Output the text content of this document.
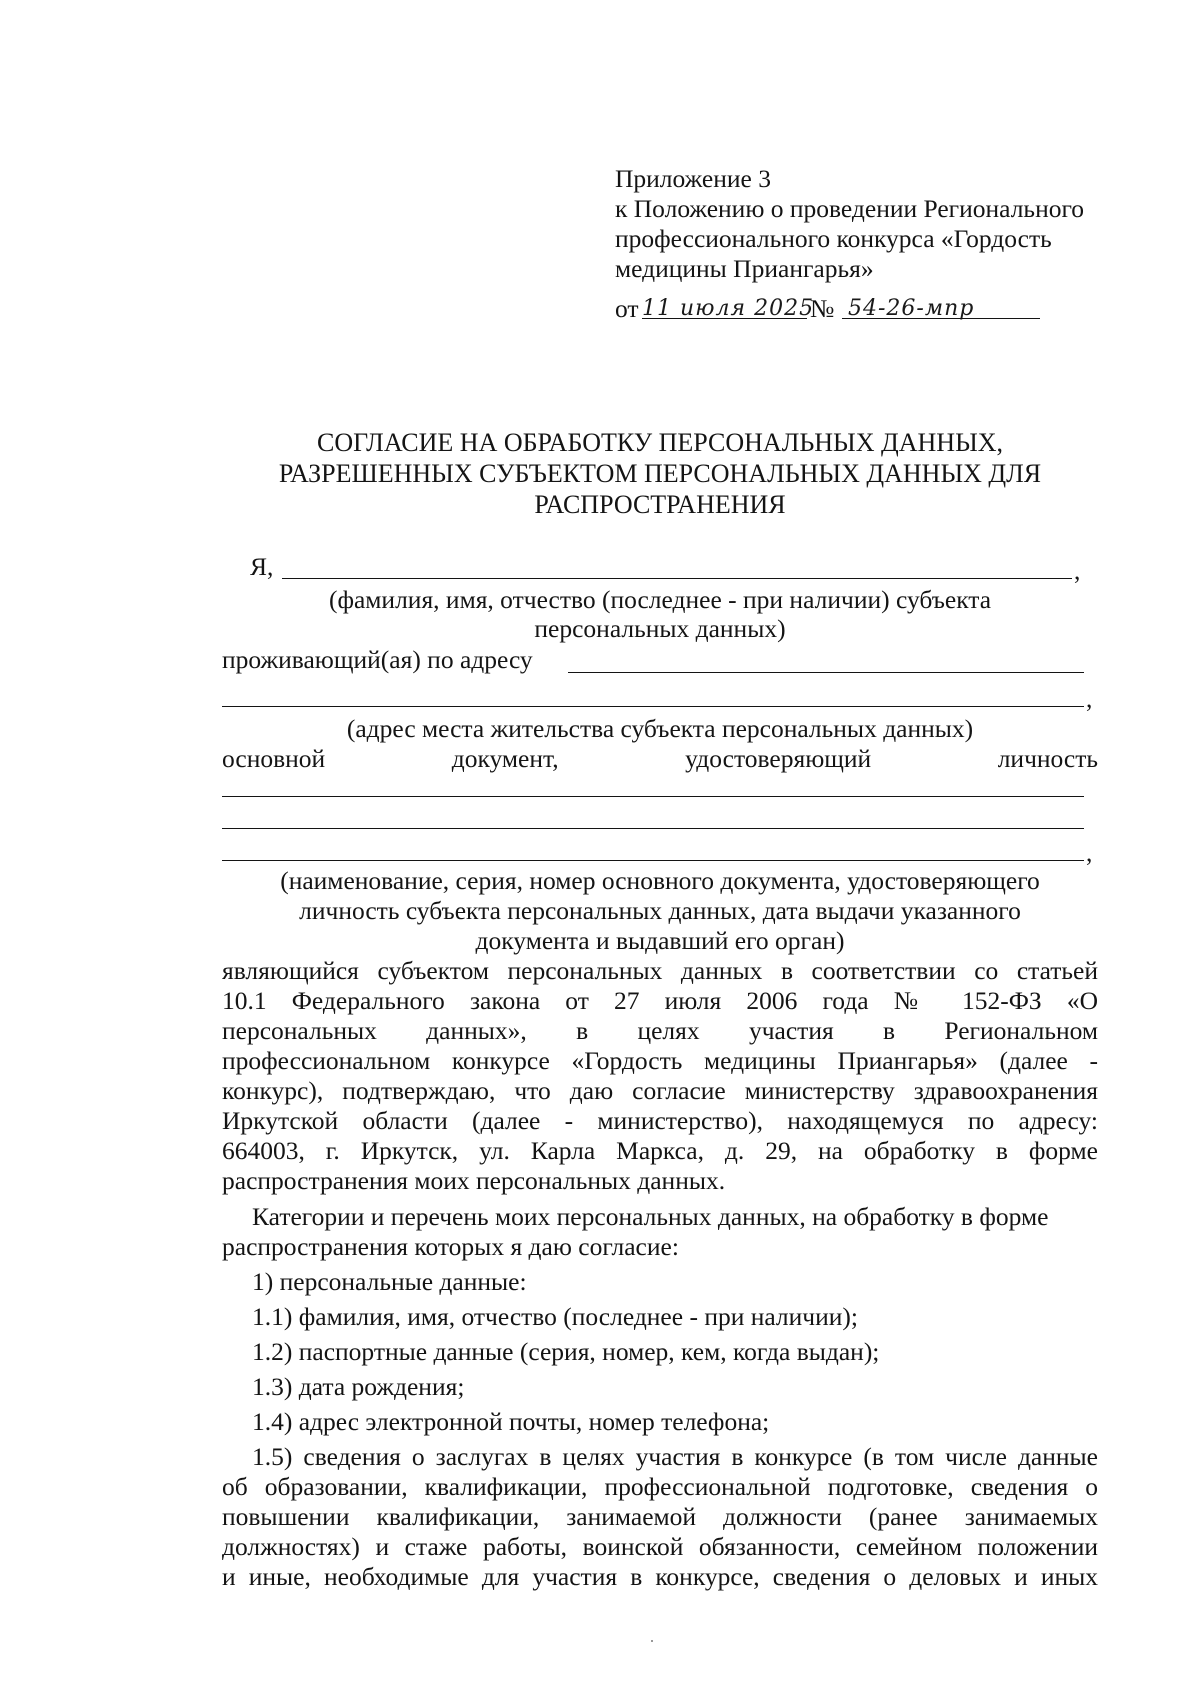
Приложение 3
к Положению о проведении Регионального
профессионального конкурса «Гордость
медицины Приангарья»
от 11 июля 2025
№ 54-26-мпр
СОГЛАСИЕ НА ОБРАБОТКУ ПЕРСОНАЛЬНЫХ ДАННЫХ,
РАЗРЕШЕННЫХ СУБЪЕКТОМ ПЕРСОНАЛЬНЫХ ДАННЫХ ДЛЯ
РАСПРОСТРАНЕНИЯ
Я,	,
(фамилия, имя, отчество (последнее - при наличии) субъекта
персональных данных)
проживающий(ая) по адресу
,
(адрес места жительства субъекта персональных данных)
основной	документ,	удостоверяющий	личность
,
(наименование, серия, номер основного документа, удостоверяющего
личность субъекта персональных данных, дата выдачи указанного
документа и выдавший его орган)
являющийся субъектом персональных данных в соответствии со статьей
10.1 Федерального закона от 27 июля 2006 года № 152-ФЗ «О
персональных данных», в целях участия в Региональном
профессиональном конкурсе «Гордость медицины Приангарья» (далее -
конкурс), подтверждаю, что даю согласие министерству здравоохранения
Иркутской области (далее - министерство), находящемуся по адресу:
664003, г. Иркутск, ул. Карла Маркса, д. 29, на обработку в форме
распространения моих персональных данных.
Категории и перечень моих персональных данных, на обработку в форме
распространения которых я даю согласие:
1) персональные данные:
1.1) фамилия, имя, отчество (последнее - при наличии);
1.2) паспортные данные (серия, номер, кем, когда выдан);
1.3) дата рождения;
1.4) адрес электронной почты, номер телефона;
1.5) сведения о заслугах в целях участия в конкурсе (в том числе данные
об образовании, квалификации, профессиональной подготовке, сведения о
повышении квалификации, занимаемой должности (ранее занимаемых
должностях) и стаже работы, воинской обязанности, семейном положении
и иные, необходимые для участия в конкурсе, сведения о деловых и иных
